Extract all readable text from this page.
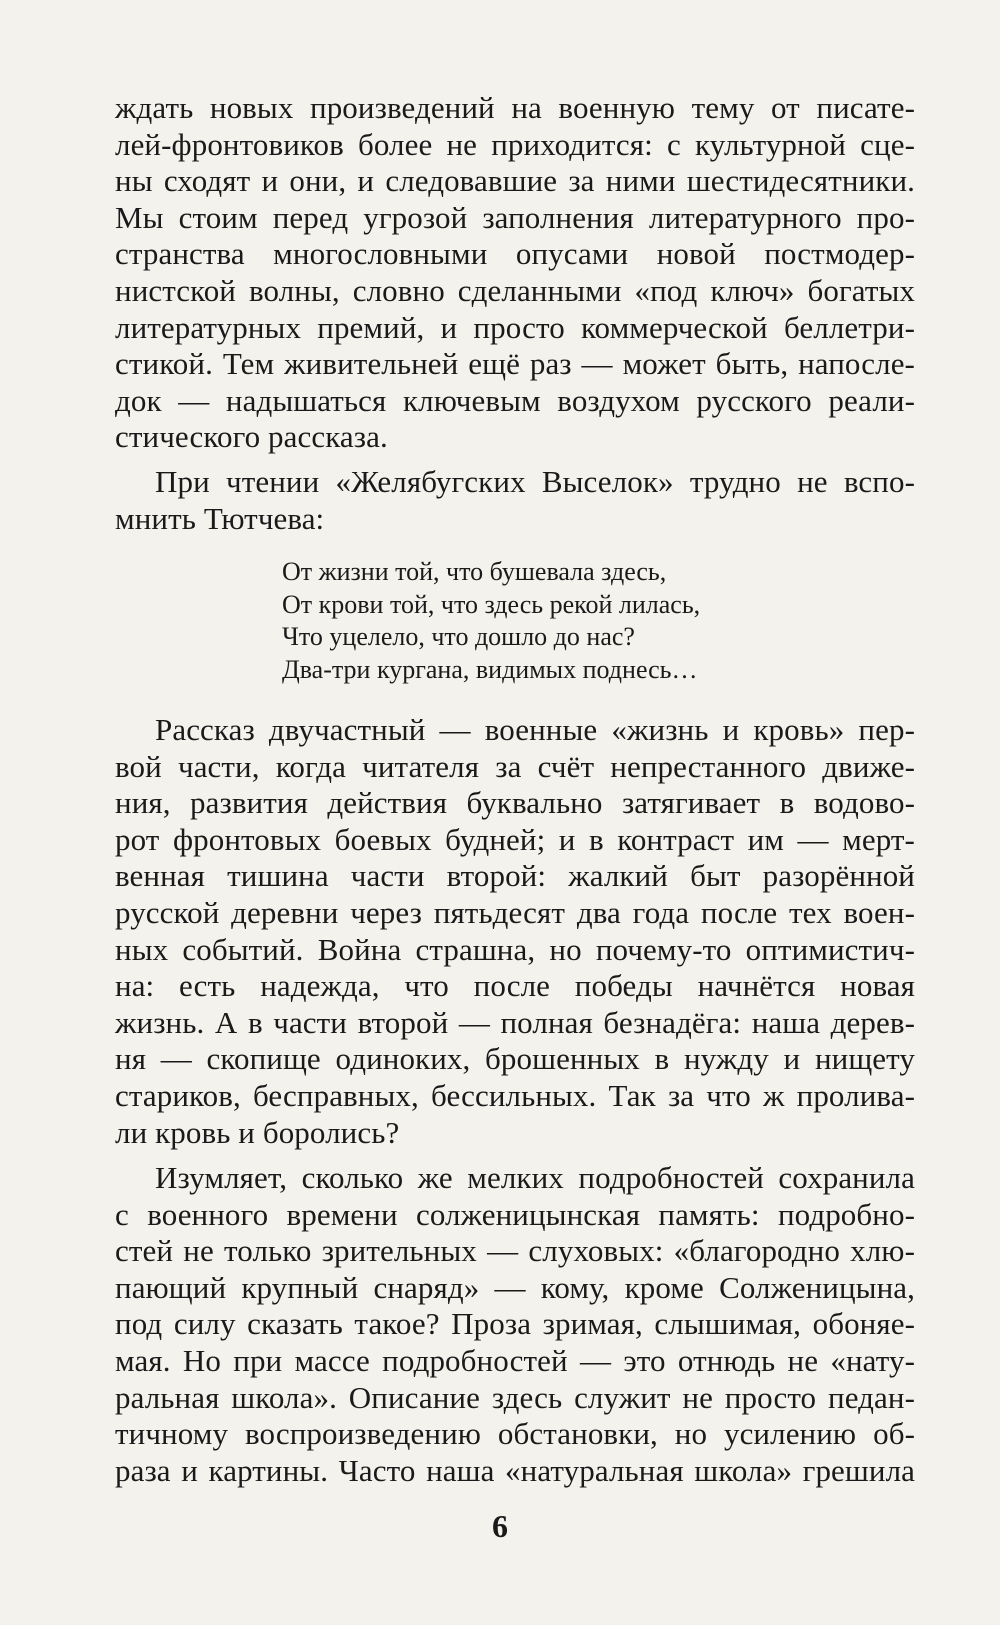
ждать новых произведений на военную тему от писате-
лей-фронтовиков более не приходится: с культурной сце-
ны сходят и они, и следовавшие за ними шестидесятники.
Мы стоим перед угрозой заполнения литературного про-
странства многословными опусами новой постмодер-
нистской волны, словно сделанными «под ключ» богатых
литературных премий, и просто коммерческой беллетри-
стикой. Тем живительней ещё раз — может быть, напосле-
док — надышаться ключевым воздухом русского реали-
стического рассказа.
При чтении «Желябугских Выселок» трудно не вспо-
мнить Тютчева:
От жизни той, что бушевала здесь,
От крови той, что здесь рекой лилась,
Что уцелело, что дошло до нас?
Два-три кургана, видимых поднесь…
Рассказ двучастный — военные «жизнь и кровь» пер-
вой части, когда читателя за счёт непрестанного движе-
ния, развития действия буквально затягивает в водово-
рот фронтовых боевых будней; и в контраст им — мерт-
венная тишина части второй: жалкий быт разорённой
русской деревни через пятьдесят два года после тех воен-
ных событий. Война страшна, но почему-то оптимистич-
на: есть надежда, что после победы начнётся новая
жизнь. А в части второй — полная безнадёга: наша дерев-
ня — скопище одиноких, брошенных в нужду и нищету
стариков, бесправных, бессильных. Так за что ж пролива-
ли кровь и боролись?
Изумляет, сколько же мелких подробностей сохранила
с военного времени солженицынская память: подробно-
стей не только зрительных — слуховых: «благородно хлю-
пающий крупный снаряд» — кому, кроме Солженицына,
под силу сказать такое? Проза зримая, слышимая, обоняе-
мая. Но при массе подробностей — это отнюдь не «нату-
ральная школа». Описание здесь служит не просто педан-
тичному воспроизведению обстановки, но усилению об-
раза и картины. Часто наша «натуральная школа» грешила
6
